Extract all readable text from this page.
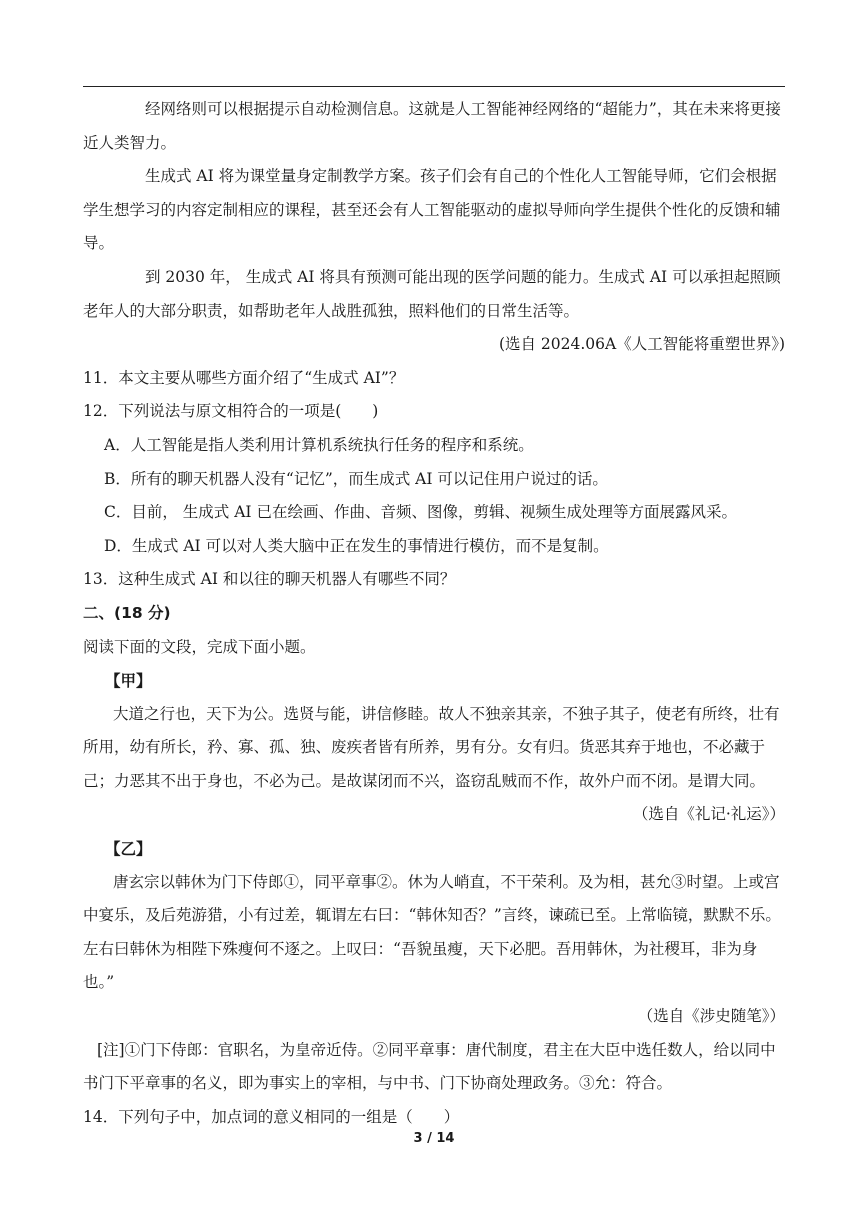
经网络则可以根据提示自动检测信息。这就是人工智能神经网络的“超能力”，其在未来将更接近人类智力。

生成式 AI 将为课堂量身定制教学方案。孩子们会有自己的个性化人工智能导师，它们会根据学生想学习的内容定制相应的课程，甚至还会有人工智能驱动的虚拟导师向学生提供个性化的反馈和辅导。

到 2030 年， 生成式 AI 将具有预测可能出现的医学问题的能力。生成式 AI 可以承担起照顾老年人的大部分职责，如帮助老年人战胜孤独，照料他们的日常生活等。

(选自 2024.06A《人工智能将重塑世界》)

11．本文主要从哪些方面介绍了“生成式 AI”？

12．下列说法与原文相符合的一项是(　　)

A．人工智能是指人类利用计算机系统执行任务的程序和系统。

B．所有的聊天机器人没有“记忆”，而生成式 AI 可以记住用户说过的话。

C．目前， 生成式 AI 已在绘画、作曲、音频、图像，剪辑、视频生成处理等方面展露风采。

D．生成式 AI 可以对人类大脑中正在发生的事情进行模仿，而不是复制。

13．这种生成式 AI 和以往的聊天机器人有哪些不同？

二、(18 分)

阅读下面的文段，完成下面小题。

【甲】

大道之行也，天下为公。选贤与能，讲信修睦。故人不独亲其亲，不独子其子，使老有所终，壮有所用，幼有所长，矜、寡、孤、独、废疾者皆有所养，男有分。女有归。货恶其弃于地也，不必藏于己；力恶其不出于身也，不必为己。是故谋闭而不兴，盗窃乱贼而不作，故外户而不闭。是谓大同。

（选自《礼记·礼运》）

【乙】

唐玄宗以韩休为门下侍郎①，同平章事②。休为人峭直，不干荣利。及为相，甚允③时望。上或宫中宴乐，及后苑游猎，小有过差，辄谓左右曰：“韩休知否？”言终，谏疏已至。上常临镜，默默不乐。左右曰韩休为相陛下殊瘦何不逐之。上叹曰：“吾貌虽瘦，天下必肥。吾用韩休，为社稷耳，非为身也。”

（选自《涉史随笔》）

[注]①门下侍郎：官职名，为皇帝近侍。②同平章事：唐代制度，君主在大臣中选任数人，给以同中书门下平章事的名义，即为事实上的宰相，与中书、门下协商处理政务。③允：符合。

14．下列句子中，加点词的意义相同的一组是（　　）

3 / 14
